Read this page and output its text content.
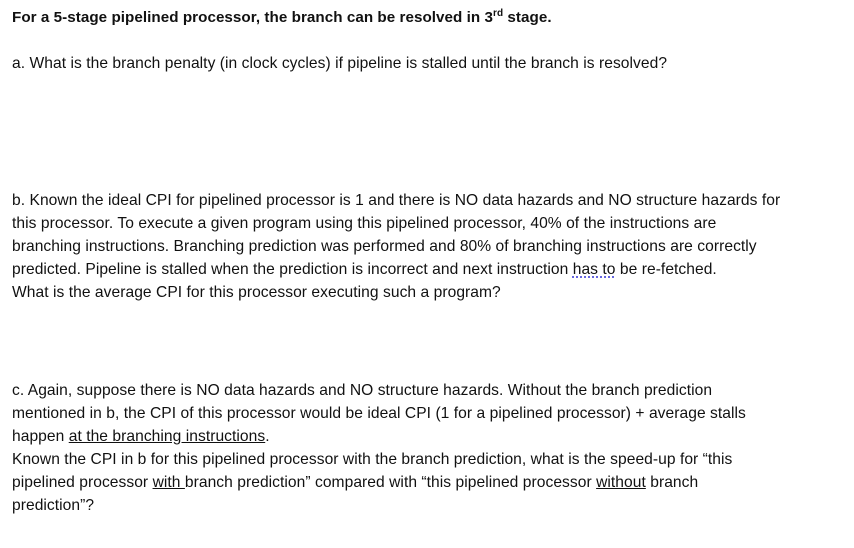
For a 5-stage pipelined processor, the branch can be resolved in 3rd stage.
a. What is the branch penalty (in clock cycles) if pipeline is stalled until the branch is resolved?
b. Known the ideal CPI for pipelined processor is 1 and there is NO data hazards and NO structure hazards for
this processor. To execute a given program using this pipelined processor, 40% of the instructions are
branching instructions. Branching prediction was performed and 80% of branching instructions are correctly
predicted. Pipeline is stalled when the prediction is incorrect and next instruction has to be re-fetched.
What is the average CPI for this processor executing such a program?
c. Again, suppose there is NO data hazards and NO structure hazards. Without the branch prediction
mentioned in b, the CPI of this processor would be ideal CPI (1 for a pipelined processor) + average stalls
happen at the branching instructions.
Known the CPI in b for this pipelined processor with the branch prediction, what is the speed-up for “this
pipelined processor with branch prediction” compared with “this pipelined processor without branch
prediction”?
